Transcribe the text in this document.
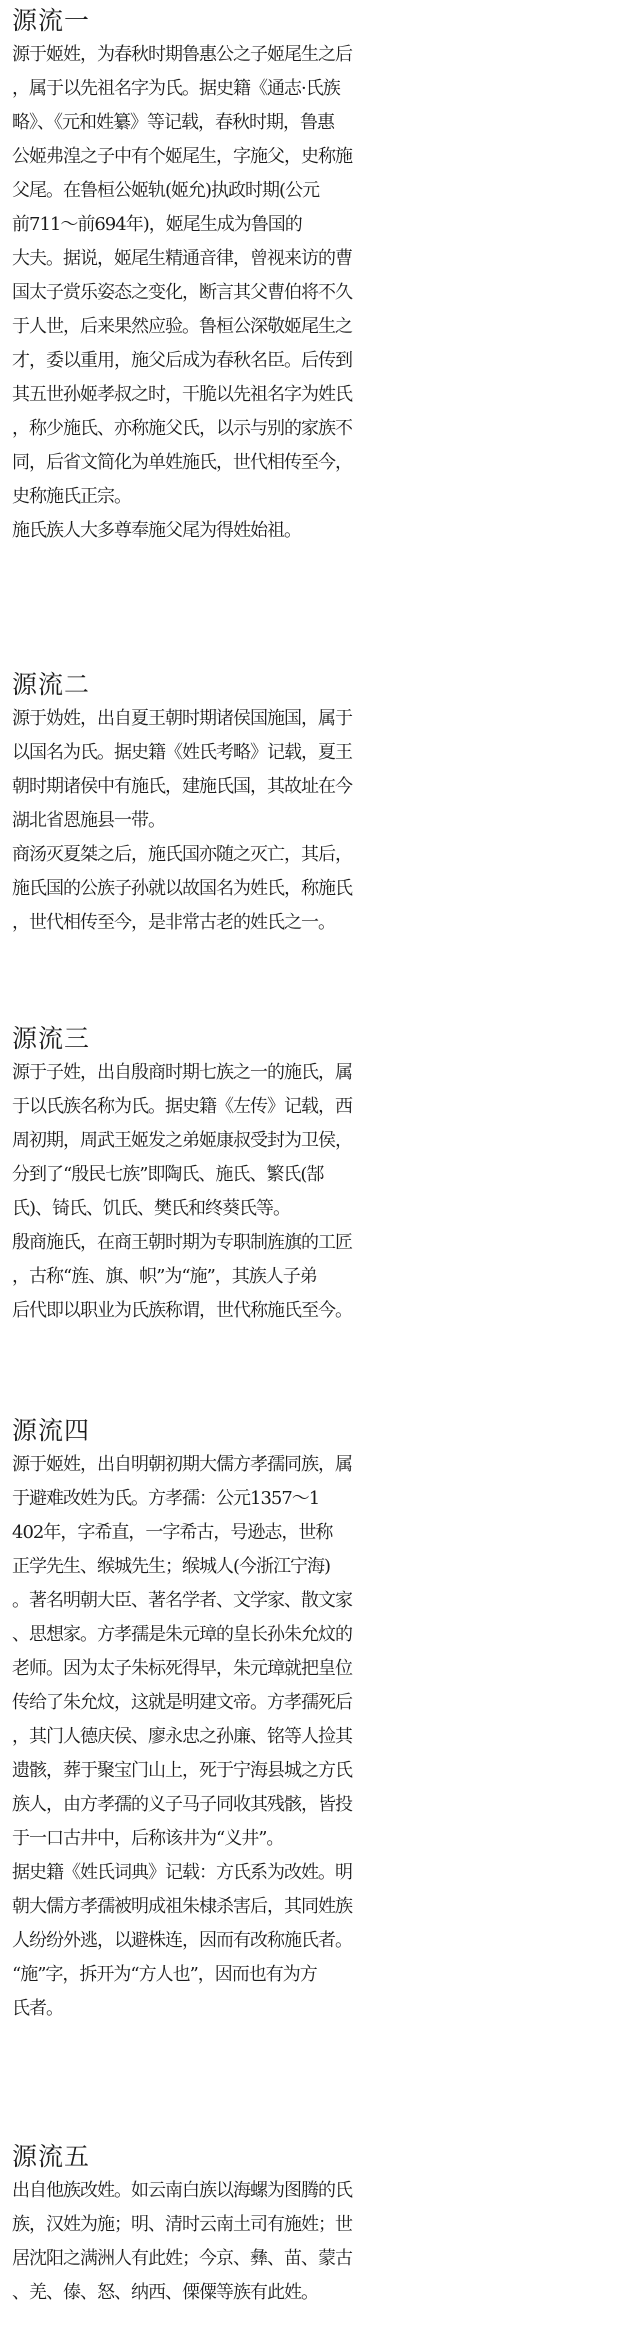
源流一
源于姬姓，为春秋时期鲁惠公之子姬尾生之后
，属于以先祖名字为氏。据史籍《通志·氏族
略》、《元和姓纂》等记载，春秋时期，鲁惠
公姬弗湟之子中有个姬尾生，字施父，史称施
父尾。在鲁桓公姬轨(姬允)执政时期(公元
前711～前694年)，姬尾生成为鲁国的
大夫。据说，姬尾生精通音律，曾视来访的曹
国太子赏乐姿态之变化，断言其父曹伯将不久
于人世，后来果然应验。鲁桓公深敬姬尾生之
才，委以重用，施父后成为春秋名臣。后传到
其五世孙姬孝叔之时，干脆以先祖名字为姓氏
，称少施氏、亦称施父氏，以示与别的家族不
同，后省文简化为单姓施氏，世代相传至今，
史称施氏正宗。
施氏族人大多尊奉施父尾为得姓始祖。
源流二
源于妫姓，出自夏王朝时期诸侯国施国，属于
以国名为氏。据史籍《姓氏考略》记载，夏王
朝时期诸侯中有施氏，建施氏国，其故址在今
湖北省恩施县一带。
商汤灭夏桀之后，施氏国亦随之灭亡，其后，
施氏国的公族子孙就以故国名为姓氏，称施氏
，世代相传至今，是非常古老的姓氏之一。
源流三
源于子姓，出自殷商时期七族之一的施氏，属
于以氏族名称为氏。据史籍《左传》记载，西
周初期，周武王姬发之弟姬康叔受封为卫侯，
分到了“殷民七族”即陶氏、施氏、繁氏(郜
氏)、锜氏、饥氏、樊氏和终葵氏等。
殷商施氏，在商王朝时期为专职制旌旗的工匠
，古称“旌、旗、帜”为“施”，其族人子弟
后代即以职业为氏族称谓，世代称施氏至今。
源流四
源于姬姓，出自明朝初期大儒方孝孺同族，属
于避难改姓为氏。方孝孺：公元1357～1
402年，字希直，一字希古，号逊志，世称
正学先生、缑城先生；缑城人(今浙江宁海)
。著名明朝大臣、著名学者、文学家、散文家
、思想家。方孝孺是朱元璋的皇长孙朱允炆的
老师。因为太子朱标死得早，朱元璋就把皇位
传给了朱允炆，这就是明建文帝。方孝孺死后
，其门人德庆侯、廖永忠之孙廉、铭等人捡其
遗骸，葬于聚宝门山上，死于宁海县城之方氏
族人，由方孝孺的义子马子同收其残骸，皆投
于一口古井中，后称该井为“义井”。
据史籍《姓氏词典》记载：方氏系为改姓。明
朝大儒方孝孺被明成祖朱棣杀害后，其同姓族
人纷纷外逃，以避株连，因而有改称施氏者。
“施”字，拆开为“方人也”，因而也有为方
氏者。
源流五
出自他族改姓。如云南白族以海螺为图腾的氏
族，汉姓为施；明、清时云南土司有施姓；世
居沈阳之满洲人有此姓；今京、彝、苗、蒙古
、羌、傣、怒、纳西、傈僳等族有此姓。
